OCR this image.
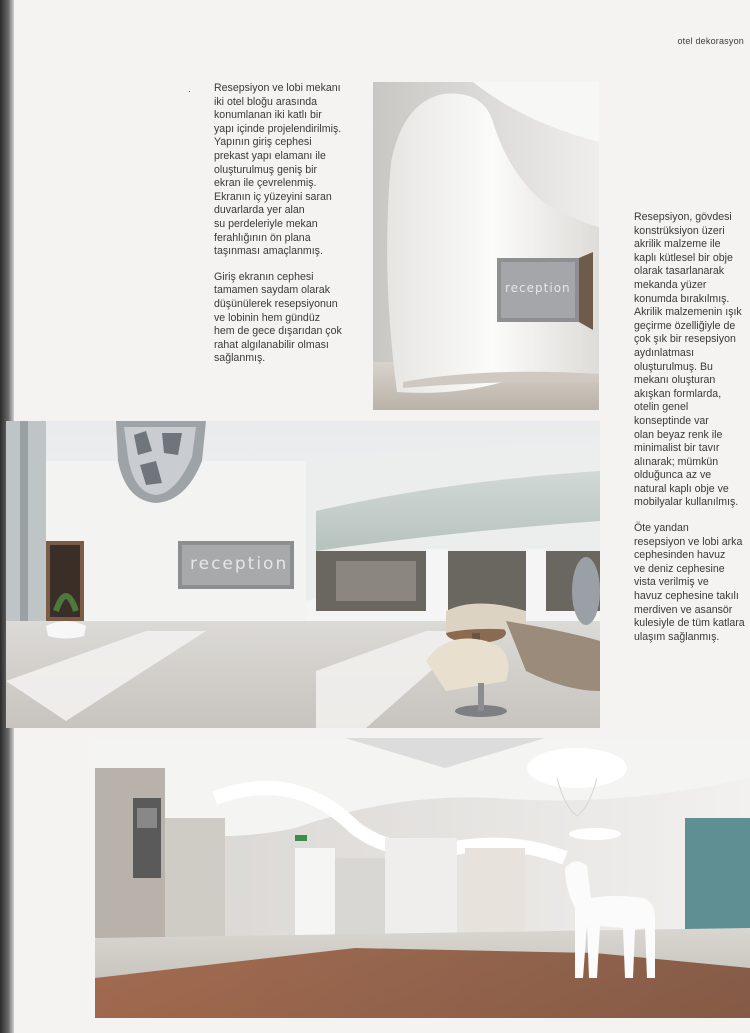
otel dekorasyon
· Resepsiyon ve lobi mekanı
iki otel bloğu arasında
konumlanan iki katlı bir
yapı içinde projelendirilmiş.
Yapının giriş cephesi
prekast yapı elamanı ile
oluşturulmuş geniş bir
ekran ile çevrelenmiş.
Ekranın iç yüzeyini saran
duvarlarda yer alan
su perdeleriyle mekan
ferahlığının ön plana
taşınması amaçlanmış.

Giriş ekranın cephesi
tamamen saydam olarak
düşünülerek resepsiyonun
ve lobinin hem gündüz
hem de gece dışarıdan çok
rahat algılanabilir olması
sağlanmış.

Resepsiyon, gövdesi
konstrüksiyon üzeri
akrilik malzeme ile
kaplı kütlesel bir obje
olarak tasarlanarak
mekanda yüzer
konumda bırakılmış.
Akrilik malzemenin ışık
geçirme özelliğiyle de
çok şık bir resepsiyon
aydınlatması
oluşturulmuş. Bu
mekanı oluşturan
akışkan formlarda,
otelin genel
konseptinde var
olan beyaz renk ile
minimalist bir tavır
alınarak; mümkün
olduğunca az ve
natural kaplı obje ve
mobilyalar kullanılmış.

Öte yandan
resepsiyon ve lobi arka
cephesinden havuz
ve deniz cephesine
vista verilmiş ve
havuz cephesine takılı
merdiven ve asansör
kulesiyle de tüm katlara
ulaşım sağlanmış.

reception
reception
